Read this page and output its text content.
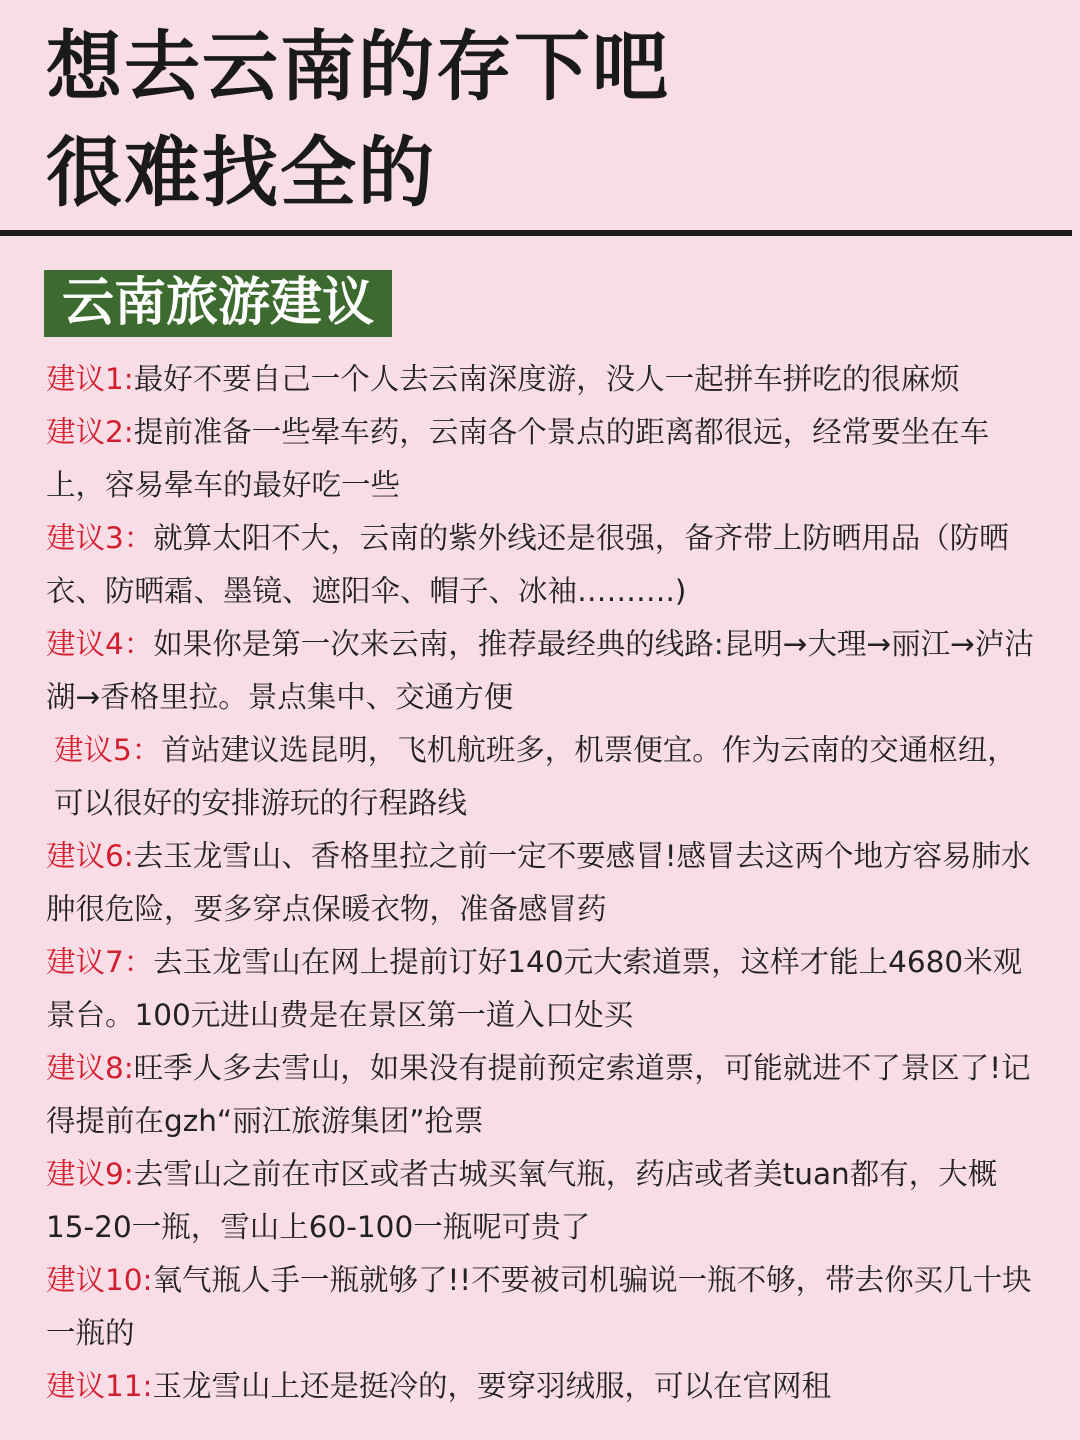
想去云南的存下吧
很难找全的
云南旅游建议
建议1:最好不要自己一个人去云南深度游，没人一起拼车拼吃的很麻烦
建议2:提前准备一些晕车药，云南各个景点的距离都很远，经常要坐在车上，容易晕车的最好吃一些
建议3：就算太阳不大，云南的紫外线还是很强，备齐带上防晒用品（防晒衣、防晒霜、墨镜、遮阳伞、帽子、冰袖……….)
建议4：如果你是第一次来云南，推荐最经典的线路:昆明→大理→丽江→泸沽湖→香格里拉。景点集中、交通方便
建议5：首站建议选昆明，飞机航班多，机票便宜。作为云南的交通枢纽，可以很好的安排游玩的行程路线
建议6:去玉龙雪山、香格里拉之前一定不要感冒!感冒去这两个地方容易肺水肿很危险，要多穿点保暖衣物，准备感冒药
建议7：去玉龙雪山在网上提前订好140元大索道票，这样才能上4680米观景台。100元进山费是在景区第一道入口处买
建议8:旺季人多去雪山，如果没有提前预定索道票，可能就进不了景区了!记得提前在gzh“丽江旅游集团”抢票
建议9:去雪山之前在市区或者古城买氧气瓶，药店或者美tuan都有，大概15-20一瓶，雪山上60-100一瓶呢可贵了
建议10:氧气瓶人手一瓶就够了!!不要被司机骗说一瓶不够，带去你买几十块一瓶的
建议11:玉龙雪山上还是挺冷的，要穿羽绒服，可以在官网租
